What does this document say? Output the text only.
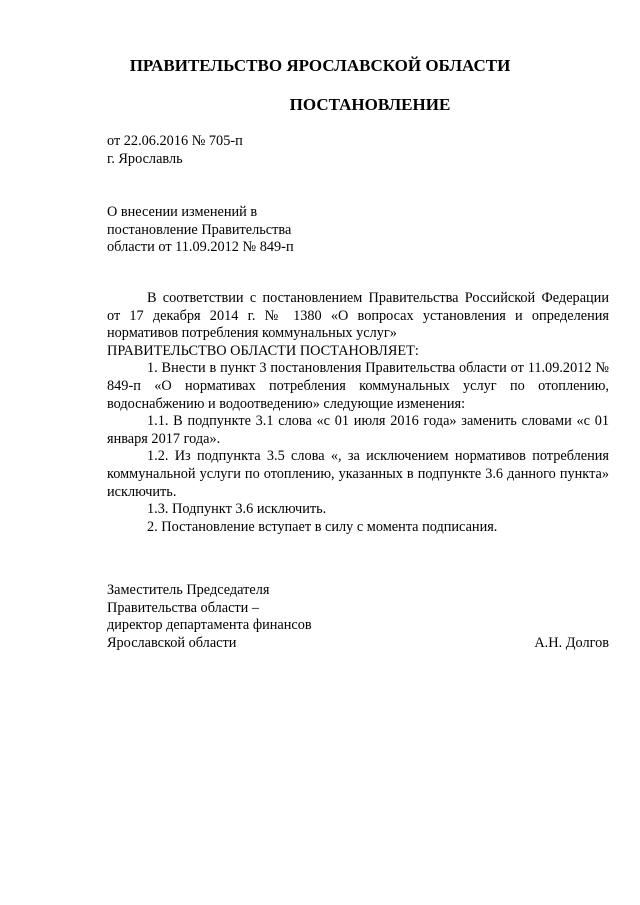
ПРАВИТЕЛЬСТВО ЯРОСЛАВСКОЙ ОБЛАСТИ
ПОСТАНОВЛЕНИЕ
от 22.06.2016 № 705-п
г. Ярославль
О внесении изменений в
постановление Правительства
области от 11.09.2012 № 849-п

В соответствии с постановлением Правительства Российской Федерации от 17 декабря 2014 г. № 1380 «О вопросах установления и определения нормативов потребления коммунальных услуг»

ПРАВИТЕЛЬСТВО ОБЛАСТИ ПОСТАНОВЛЯЕТ:

1. Внести в пункт 3 постановления Правительства области от 11.09.2012 № 849-п «О нормативах потребления коммунальных услуг по отоплению, водоснабжению и водоотведению» следующие изменения:

1.1. В подпункте 3.1 слова «с 01 июля 2016 года» заменить словами «с 01 января 2017 года».

1.2. Из подпункта 3.5 слова «, за исключением нормативов потребления коммунальной услуги по отоплению, указанных в подпункте 3.6 данного пункта» исключить.

1.3. Подпункт 3.6 исключить.

2. Постановление вступает в силу с момента подписания.

Заместитель Председателя
Правительства области –
директор департамента финансов
Ярославской области	А.Н. Долгов
